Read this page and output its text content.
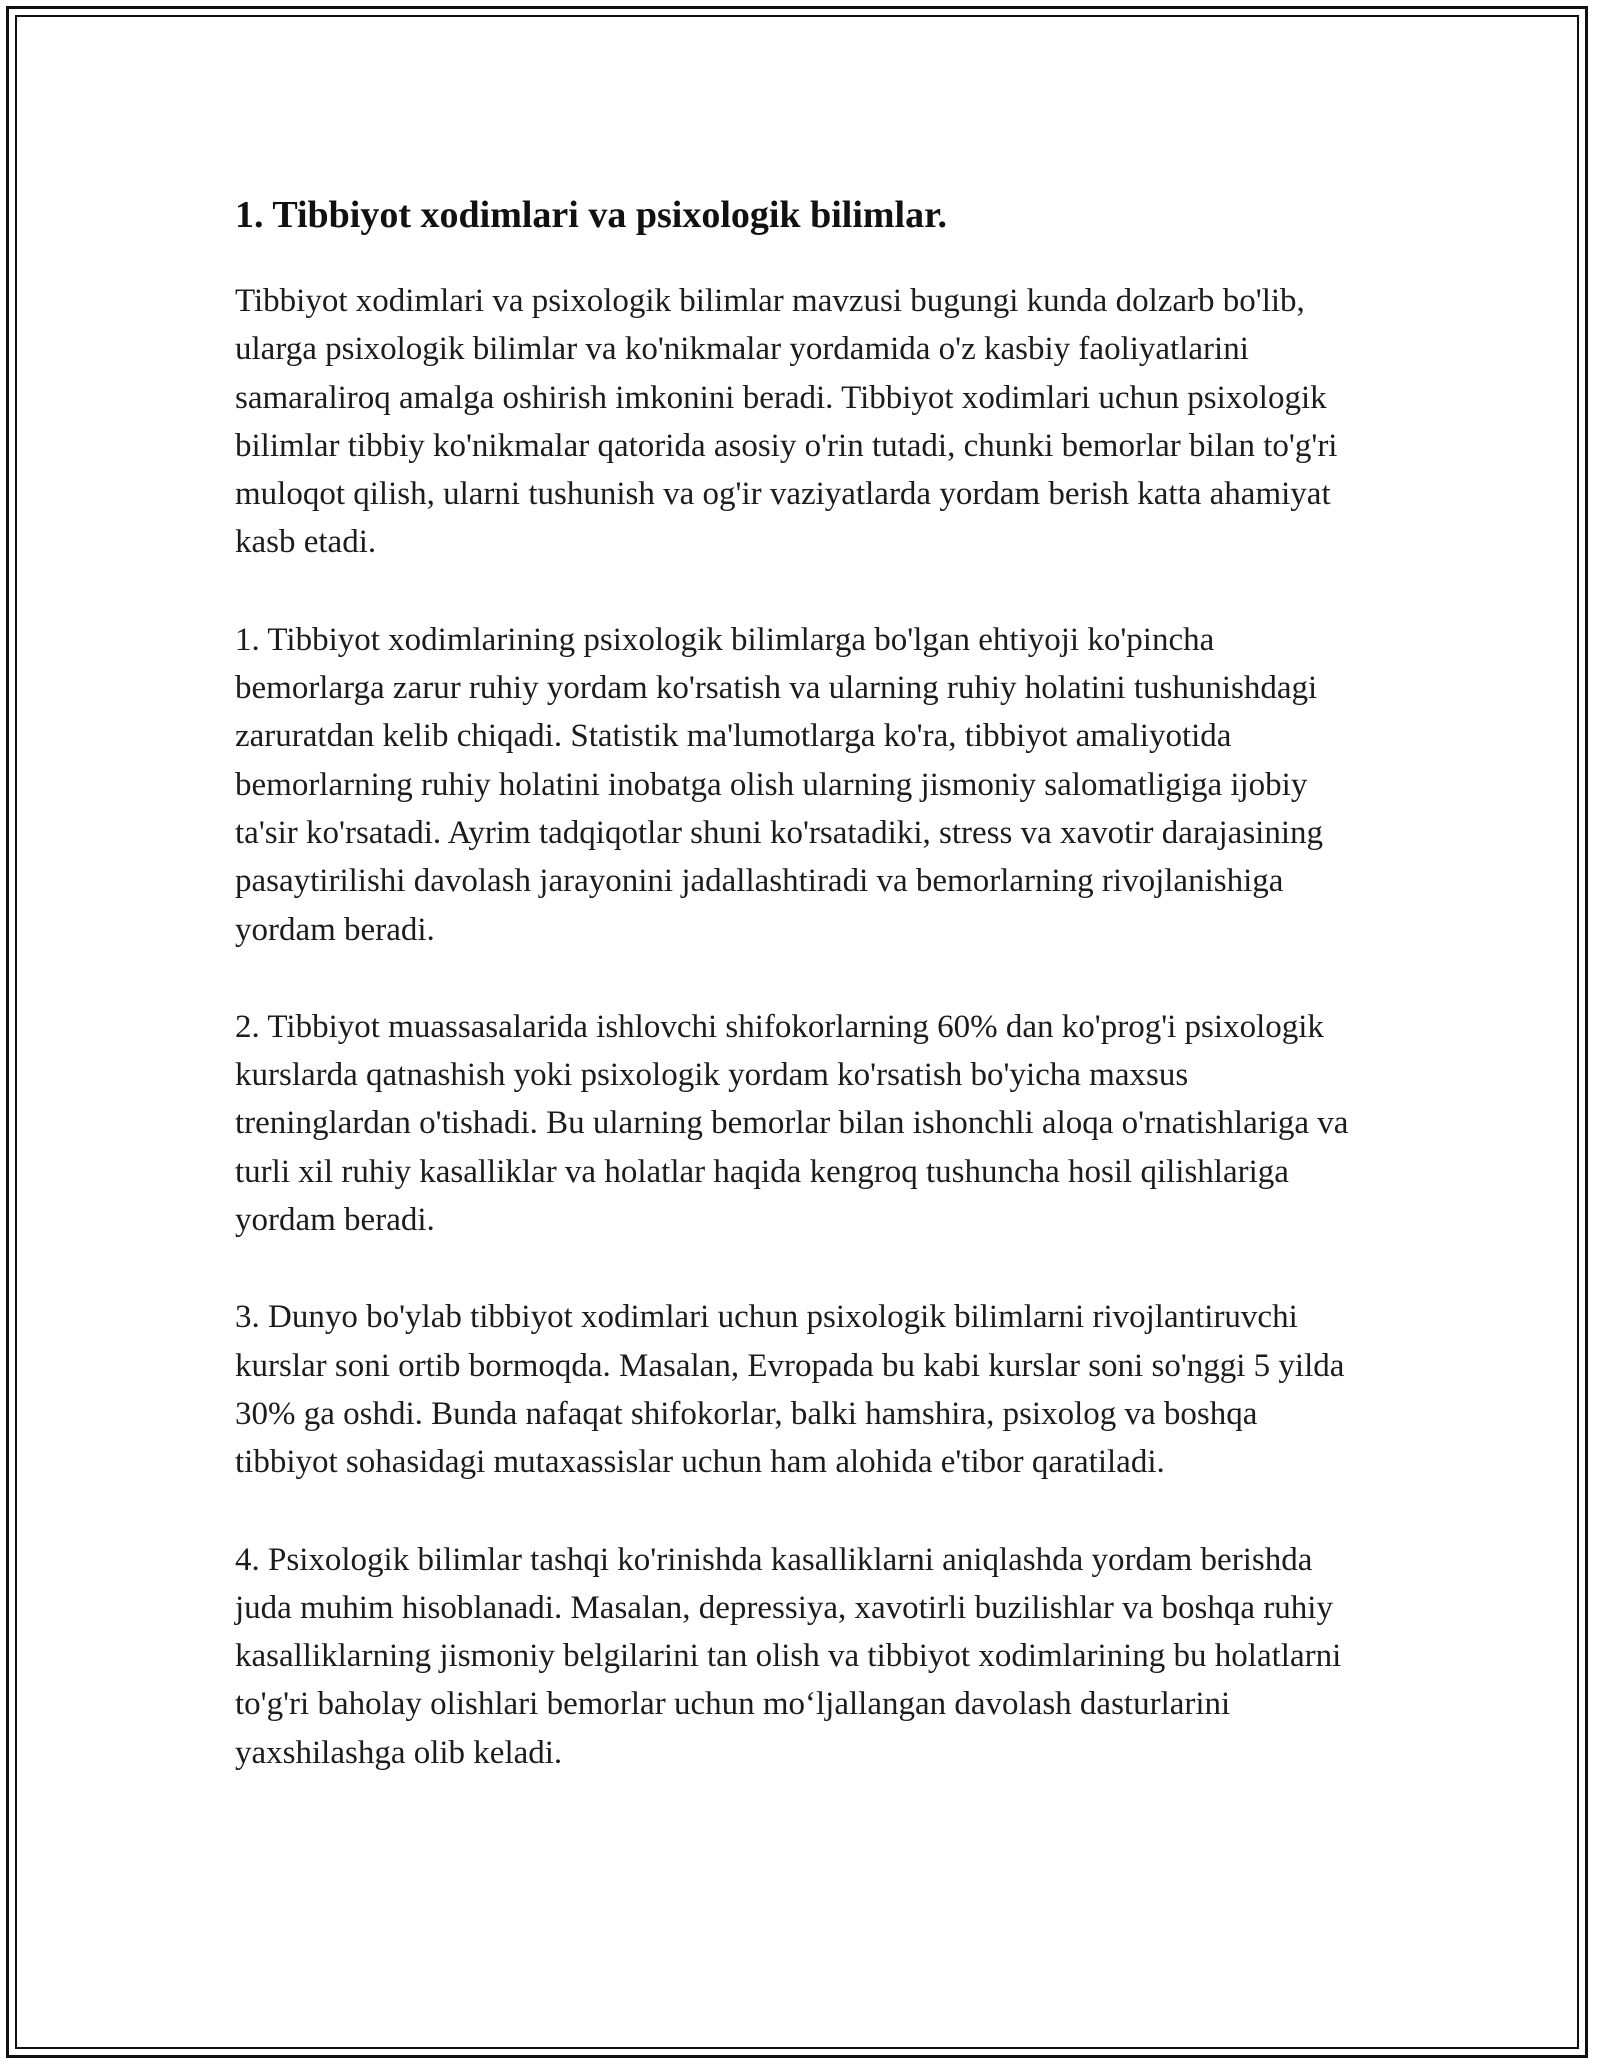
1. Tibbiyot xodimlari va psixologik bilimlar.

Tibbiyot xodimlari va psixologik bilimlar mavzusi bugungi kunda dolzarb bo'lib, ularga psixologik bilimlar va ko'nikmalar yordamida o'z kasbiy faoliyatlarini samaraliroq amalga oshirish imkonini beradi. Tibbiyot xodimlari uchun psixologik bilimlar tibbiy ko'nikmalar qatorida asosiy o'rin tutadi, chunki bemorlar bilan to'g'ri muloqot qilish, ularni tushunish va og'ir vaziyatlarda yordam berish katta ahamiyat kasb etadi.

1. Tibbiyot xodimlarining psixologik bilimlarga bo'lgan ehtiyoji ko'pincha bemorlarga zarur ruhiy yordam ko'rsatish va ularning ruhiy holatini tushunishdagi zaruratdan kelib chiqadi. Statistik ma'lumotlarga ko'ra, tibbiyot amaliyotida bemorlarning ruhiy holatini inobatga olish ularning jismoniy salomatligiga ijobiy ta'sir ko'rsatadi. Ayrim tadqiqotlar shuni ko'rsatadiki, stress va xavotir darajasining pasaytirilishi davolash jarayonini jadallashtiradi va bemorlarning rivojlanishiga yordam beradi.

2. Tibbiyot muassasalarida ishlovchi shifokorlarning 60% dan ko'prog'i psixologik kurslarda qatnashish yoki psixologik yordam ko'rsatish bo'yicha maxsus treninglardan o'tishadi. Bu ularning bemorlar bilan ishonchli aloqa o'rnatishlariga va turli xil ruhiy kasalliklar va holatlar haqida kengroq tushuncha hosil qilishlariga yordam beradi.

3. Dunyo bo'ylab tibbiyot xodimlari uchun psixologik bilimlarni rivojlantiruvchi kurslar soni ortib bormoqda. Masalan, Evropada bu kabi kurslar soni so'nggi 5 yilda 30% ga oshdi. Bunda nafaqat shifokorlar, balki hamshira, psixolog va boshqa tibbiyot sohasidagi mutaxassislar uchun ham alohida e'tibor qaratiladi.

4. Psixologik bilimlar tashqi ko'rinishda kasalliklarni aniqlashda yordam berishda juda muhim hisoblanadi. Masalan, depressiya, xavotirli buzilishlar va boshqa ruhiy kasalliklarning jismoniy belgilarini tan olish va tibbiyot xodimlarining bu holatlarni to'g'ri baholay olishlari bemorlar uchun mo‘ljallangan davolash dasturlarini yaxshilashga olib keladi.
